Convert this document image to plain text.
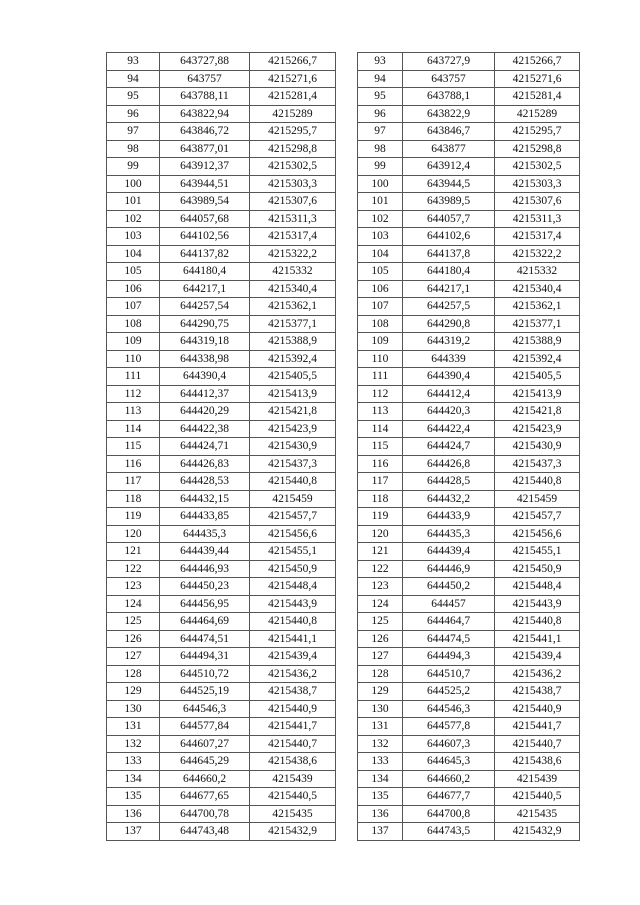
93	643727,88	4215266,7
94	643757	4215271,6
95	643788,11	4215281,4
96	643822,94	4215289
97	643846,72	4215295,7
98	643877,01	4215298,8
99	643912,37	4215302,5
100	643944,51	4215303,3
101	643989,54	4215307,6
102	644057,68	4215311,3
103	644102,56	4215317,4
104	644137,82	4215322,2
105	644180,4	4215332
106	644217,1	4215340,4
107	644257,54	4215362,1
108	644290,75	4215377,1
109	644319,18	4215388,9
110	644338,98	4215392,4
111	644390,4	4215405,5
112	644412,37	4215413,9
113	644420,29	4215421,8
114	644422,38	4215423,9
115	644424,71	4215430,9
116	644426,83	4215437,3
117	644428,53	4215440,8
118	644432,15	4215459
119	644433,85	4215457,7
120	644435,3	4215456,6
121	644439,44	4215455,1
122	644446,93	4215450,9
123	644450,23	4215448,4
124	644456,95	4215443,9
125	644464,69	4215440,8
126	644474,51	4215441,1
127	644494,31	4215439,4
128	644510,72	4215436,2
129	644525,19	4215438,7
130	644546,3	4215440,9
131	644577,84	4215441,7
132	644607,27	4215440,7
133	644645,29	4215438,6
134	644660,2	4215439
135	644677,65	4215440,5
136	644700,78	4215435
137	644743,48	4215432,9
93	643727,9	4215266,7
94	643757	4215271,6
95	643788,1	4215281,4
96	643822,9	4215289
97	643846,7	4215295,7
98	643877	4215298,8
99	643912,4	4215302,5
100	643944,5	4215303,3
101	643989,5	4215307,6
102	644057,7	4215311,3
103	644102,6	4215317,4
104	644137,8	4215322,2
105	644180,4	4215332
106	644217,1	4215340,4
107	644257,5	4215362,1
108	644290,8	4215377,1
109	644319,2	4215388,9
110	644339	4215392,4
111	644390,4	4215405,5
112	644412,4	4215413,9
113	644420,3	4215421,8
114	644422,4	4215423,9
115	644424,7	4215430,9
116	644426,8	4215437,3
117	644428,5	4215440,8
118	644432,2	4215459
119	644433,9	4215457,7
120	644435,3	4215456,6
121	644439,4	4215455,1
122	644446,9	4215450,9
123	644450,2	4215448,4
124	644457	4215443,9
125	644464,7	4215440,8
126	644474,5	4215441,1
127	644494,3	4215439,4
128	644510,7	4215436,2
129	644525,2	4215438,7
130	644546,3	4215440,9
131	644577,8	4215441,7
132	644607,3	4215440,7
133	644645,3	4215438,6
134	644660,2	4215439
135	644677,7	4215440,5
136	644700,8	4215435
137	644743,5	4215432,9
